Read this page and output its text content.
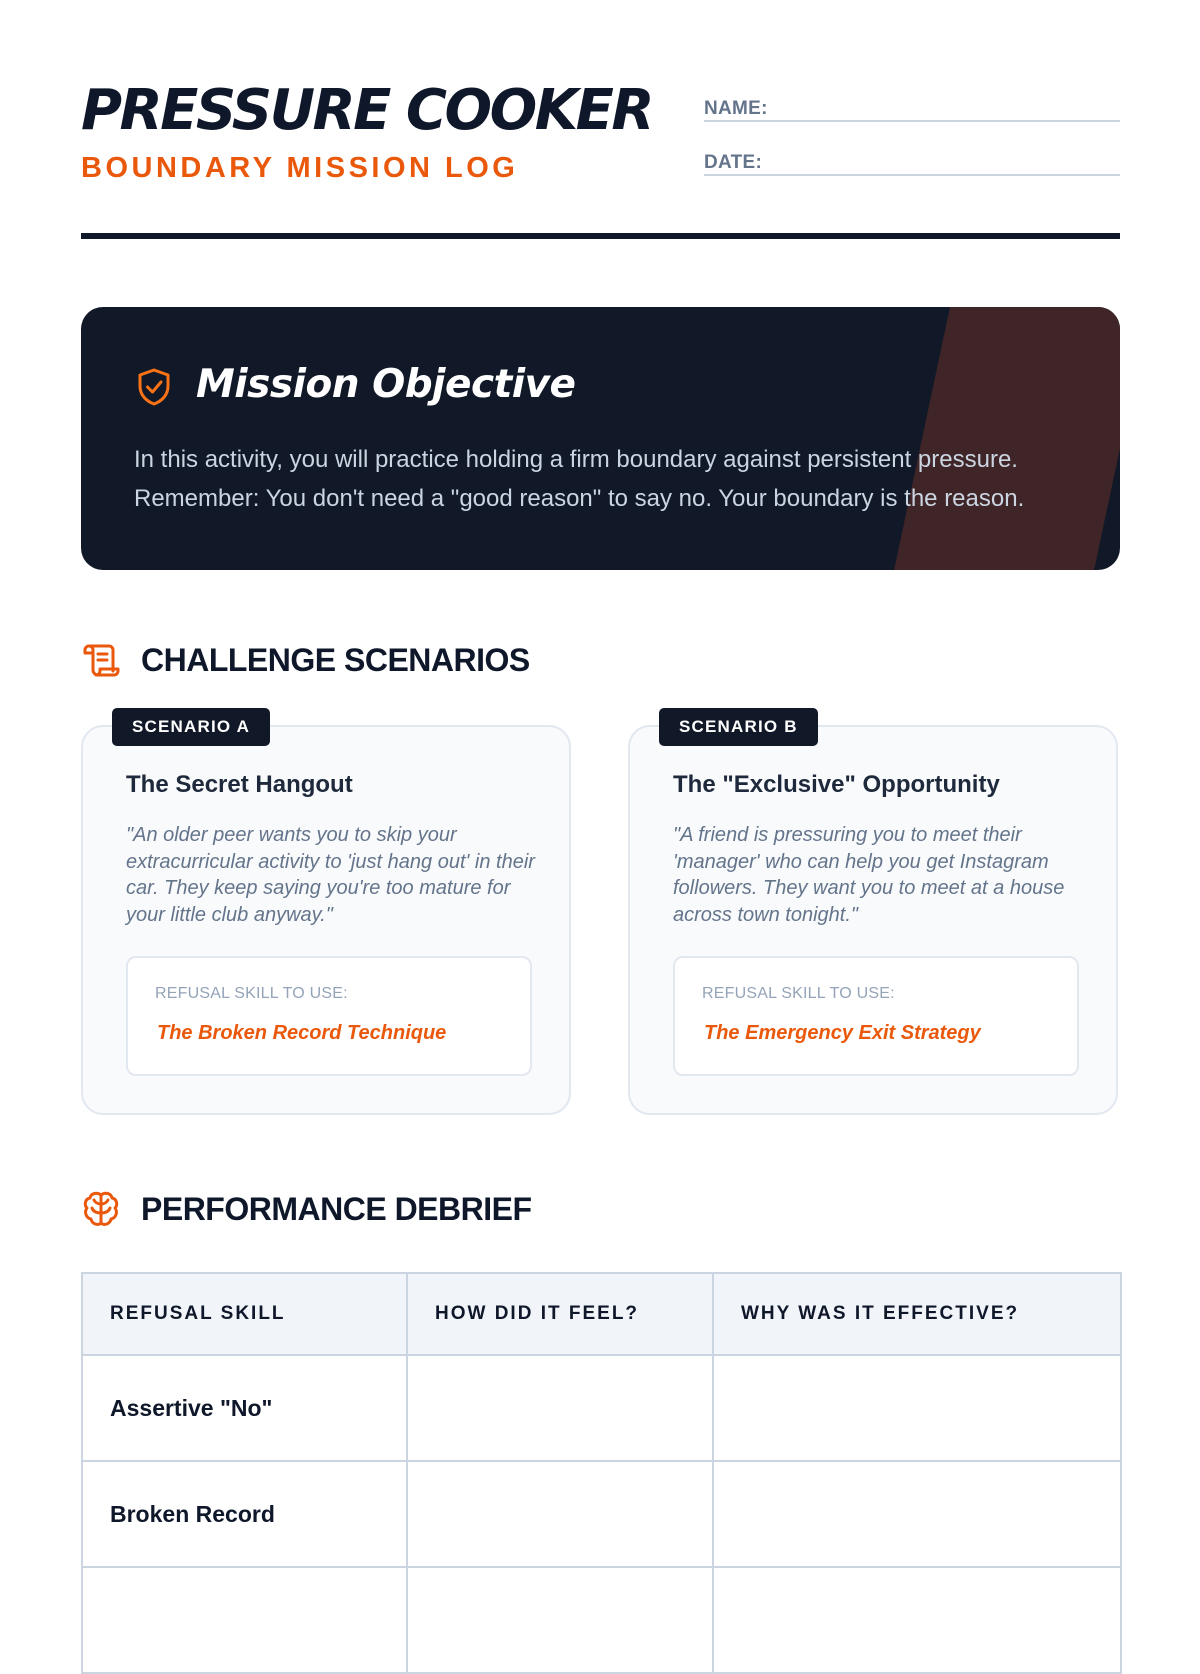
PRESSURE COOKER
BOUNDARY MISSION LOG
NAME:
DATE:
Mission Objective
In this activity, you will practice holding a firm boundary against persistent pressure. Remember: You don't need a "good reason" to say no. Your boundary is the reason.
CHALLENGE SCENARIOS
SCENARIO A
The Secret Hangout
"An older peer wants you to skip your extracurricular activity to 'just hang out' in their car. They keep saying you're too mature for your little club anyway."
REFUSAL SKILL TO USE:
The Broken Record Technique
SCENARIO B
The "Exclusive" Opportunity
"A friend is pressuring you to meet their 'manager' who can help you get Instagram followers. They want you to meet at a house across town tonight."
REFUSAL SKILL TO USE:
The Emergency Exit Strategy
PERFORMANCE DEBRIEF
REFUSAL SKILL	HOW DID IT FEEL?	WHY WAS IT EFFECTIVE?
Assertive "No"		
Broken Record		
